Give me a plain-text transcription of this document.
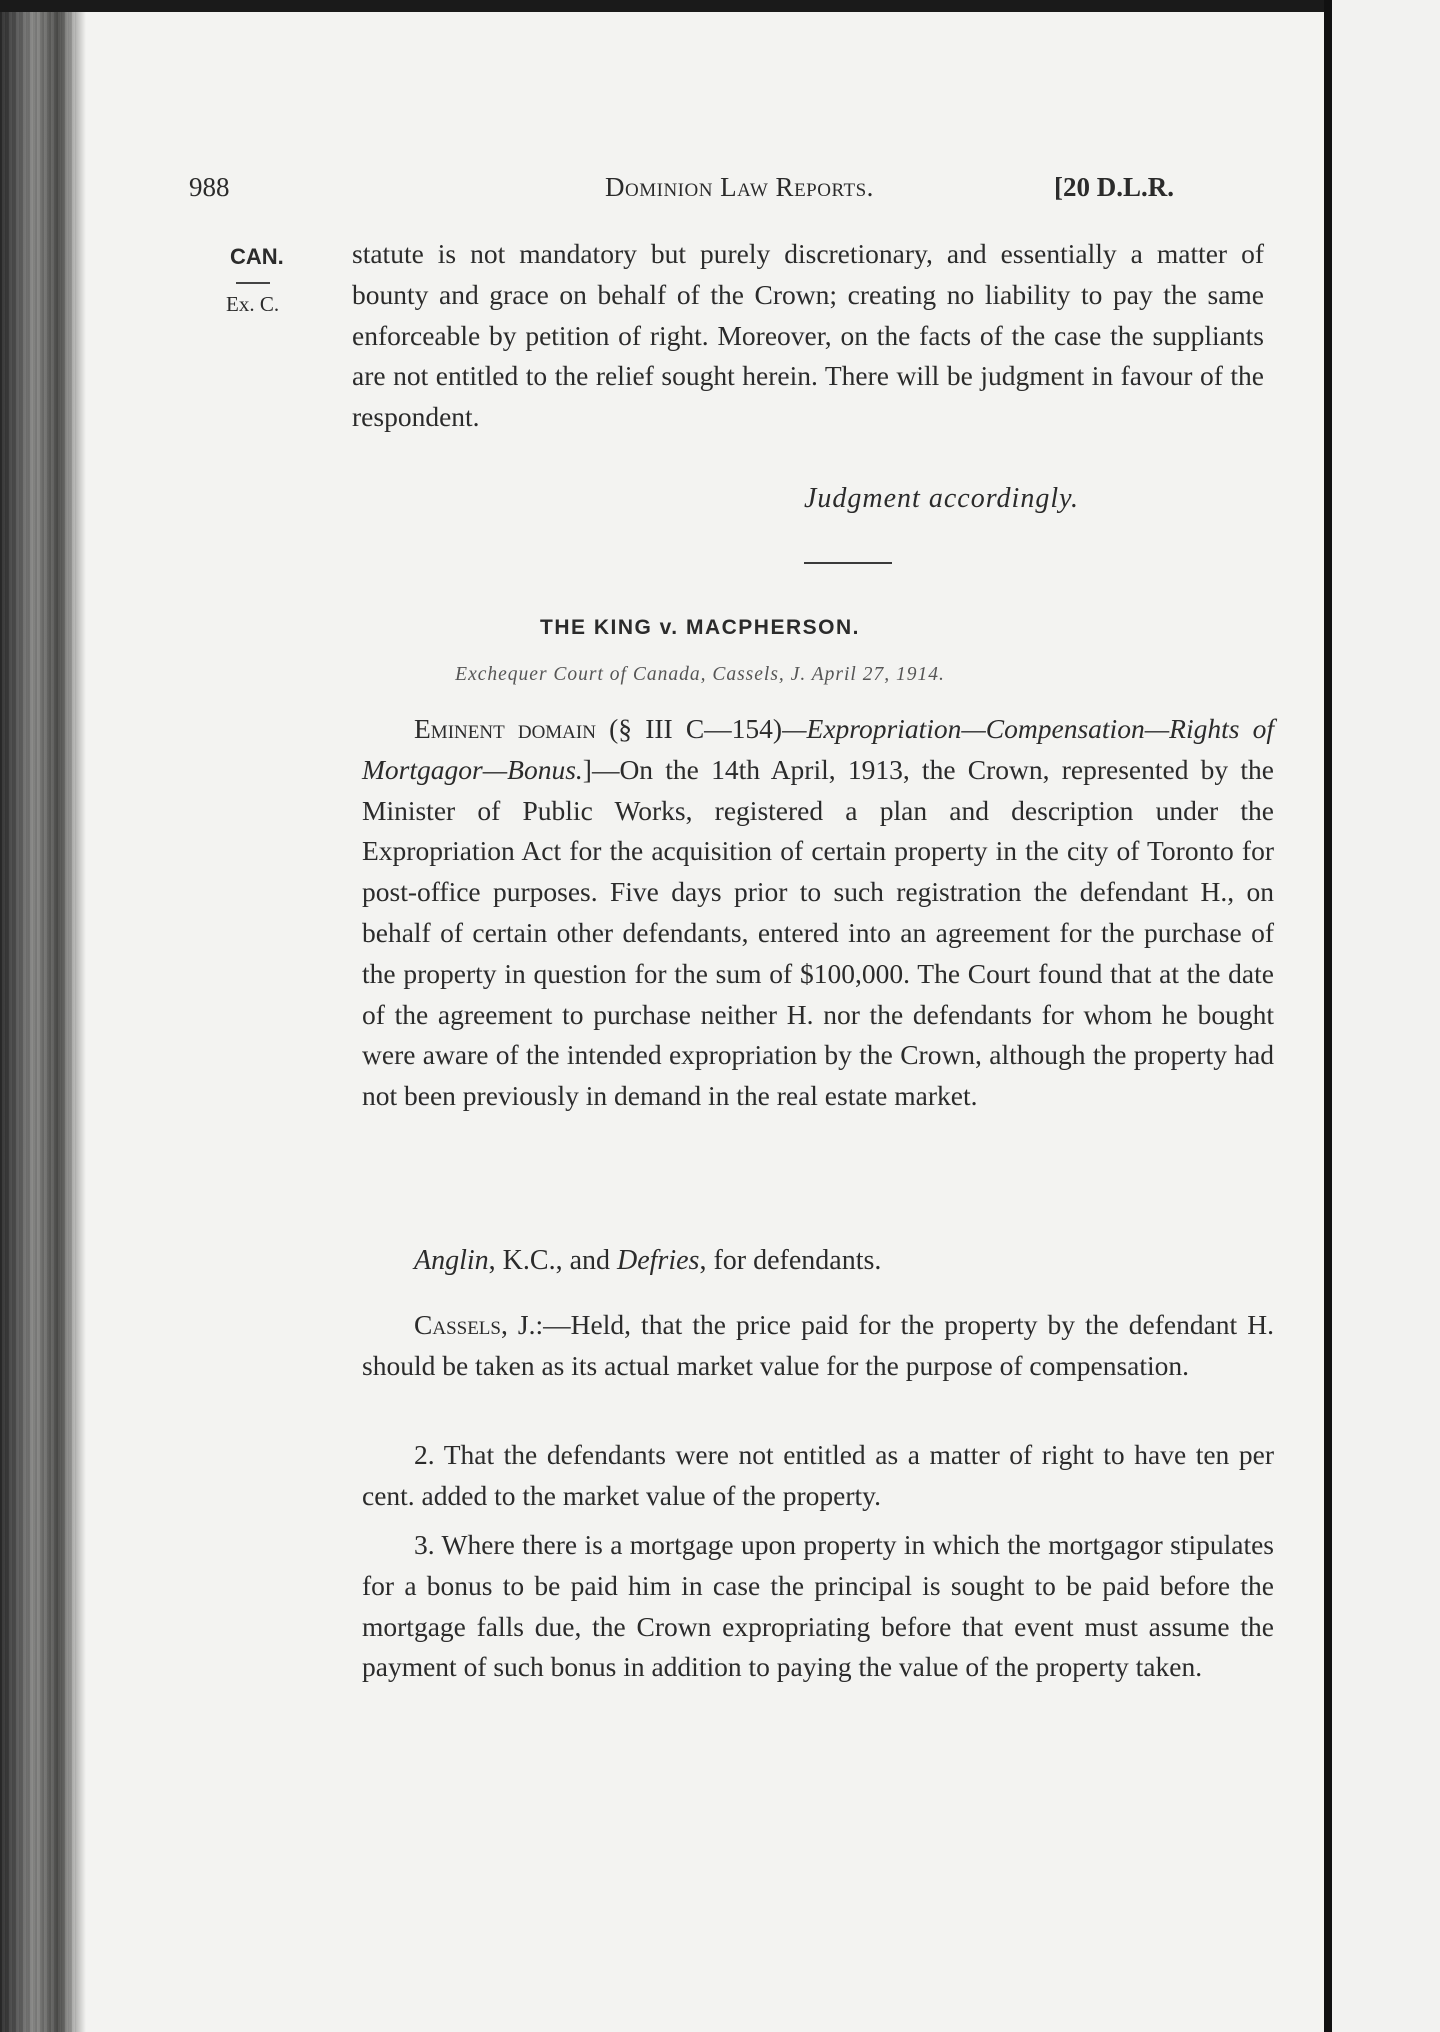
988	Dominion Law Reports.	[20 D.L.R.
CAN.
Ex. C.

statute is not mandatory but purely discretionary, and essentially a matter of bounty and grace on behalf of the Crown; creating no liability to pay the same enforceable by petition of right. Moreover, on the facts of the case the suppliants are not entitled to the relief sought herein. There will be judgment in favour of the respondent.

Judgment accordingly.
THE KING v. MACPHERSON.
Exchequer Court of Canada, Cassels, J. April 27, 1914.

Eminent domain (§ III C—154)—Expropriation—Compensation—Rights of Mortgagor—Bonus.]—On the 14th April, 1913, the Crown, represented by the Minister of Public Works, registered a plan and description under the Expropriation Act for the acquisition of certain property in the city of Toronto for post-office purposes. Five days prior to such registration the defendant H., on behalf of certain other defendants, entered into an agreement for the purchase of the property in question for the sum of $100,000. The Court found that at the date of the agreement to purchase neither H. nor the defendants for whom he bought were aware of the intended expropriation by the Crown, although the property had not been previously in demand in the real estate market.

Anglin, K.C., and Defries, for defendants.

Cassels, J.:—Held, that the price paid for the property by the defendant H. should be taken as its actual market value for the purpose of compensation.

2. That the defendants were not entitled as a matter of right to have ten per cent. added to the market value of the property.

3. Where there is a mortgage upon property in which the mortgagor stipulates for a bonus to be paid him in case the principal is sought to be paid before the mortgage falls due, the Crown expropriating before that event must assume the payment of such bonus in addition to paying the value of the property taken.
